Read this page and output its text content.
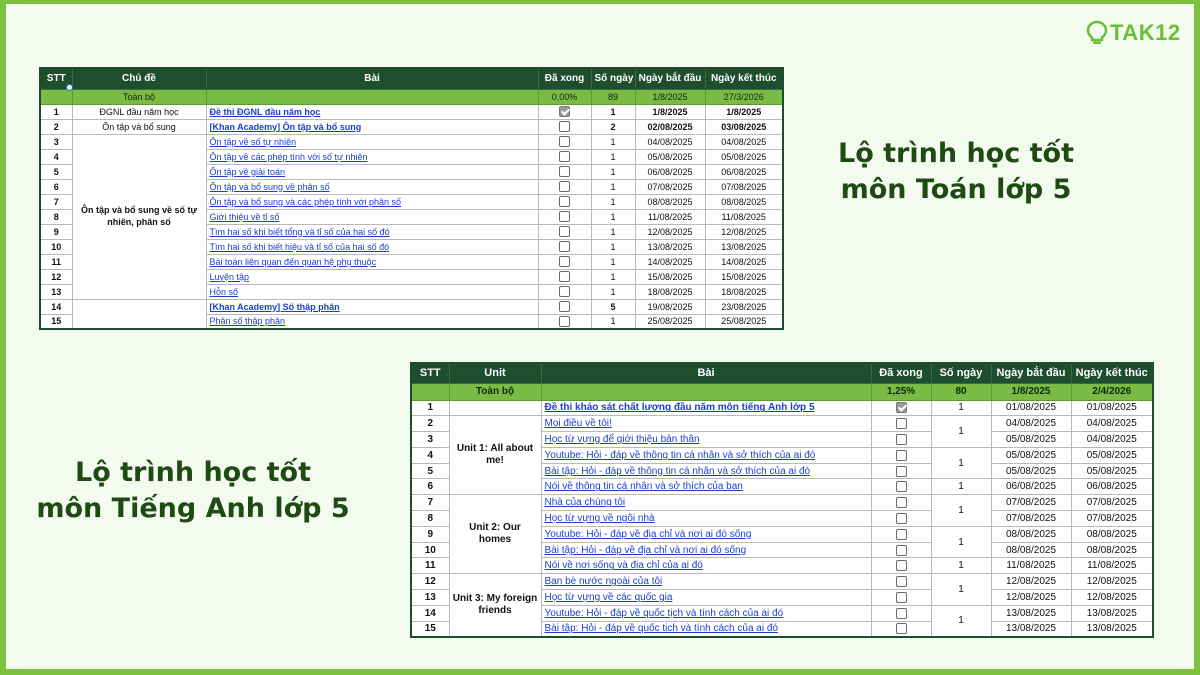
TAK12
Lộ trình học tốt
môn Toán lớp 5
Lộ trình học tốt
môn Tiếng Anh lớp 5
STT	Chủ đề	Bài	Đã xong	Số ngày	Ngày bắt đầu	Ngày kết thúc
	Toàn bộ		0,00%	89	1/8/2025	27/3/2026
1	ĐGNL đầu năm học	Đề thi ĐGNL đầu năm học		1	1/8/2025	1/8/2025
2	Ôn tập và bổ sung	[Khan Academy] Ôn tập và bổ sung		2	02/08/2025	03/08/2025
3	Ôn tập và bổ sung về số tự nhiên, phân số	Ôn tập về số tự nhiên		1	04/08/2025	04/08/2025
4		Ôn tập về các phép tính với số tự nhiên		1	05/08/2025	05/08/2025
5		Ôn tập về giải toán		1	06/08/2025	06/08/2025
6		Ôn tập và bổ sung về phân số		1	07/08/2025	07/08/2025
7		Ôn tập và bổ sung và các phép tính với phân số		1	08/08/2025	08/08/2025
8		Giới thiệu về tỉ số		1	11/08/2025	11/08/2025
9		Tìm hai số khi biết tổng và tỉ số của hai số đó		1	12/08/2025	12/08/2025
10		Tìm hai số khi biết hiệu và tỉ số của hai số đó		1	13/08/2025	13/08/2025
11		Bài toán liên quan đến quan hệ phụ thuộc		1	14/08/2025	14/08/2025
12		Luyện tập		1	15/08/2025	15/08/2025
13		Hỗn số		1	18/08/2025	18/08/2025
14		[Khan Academy] Số thập phân		5	19/08/2025	23/08/2025
15		Phân số thập phân		1	25/08/2025	25/08/2025
STT	Unit	Bài	Đã xong	Số ngày	Ngày bắt đầu	Ngày kết thúc
	Toàn bộ		1,25%	80	1/8/2025	2/4/2026
1		Đề thi khảo sát chất lượng đầu năm môn tiếng Anh lớp 5		1	01/08/2025	01/08/2025
2	Unit 1: All about me!	Mọi điều về tôi!		1	04/08/2025	04/08/2025
3		Học từ vựng để giới thiệu bản thân			05/08/2025	04/08/2025
4		Youtube: Hỏi - đáp về thông tin cá nhân và sở thích của ai đó		1	05/08/2025	05/08/2025
5		Bài tập: Hỏi - đáp về thông tin cá nhân và sở thích của ai đó			05/08/2025	05/08/2025
6		Nói về thông tin cá nhân và sở thích của bạn		1	06/08/2025	06/08/2025
7	Unit 2: Our homes	Nhà của chúng tôi		1	07/08/2025	07/08/2025
8		Học từ vựng về ngôi nhà			07/08/2025	07/08/2025
9		Youtube: Hỏi - đáp về địa chỉ và nơi ai đó sống		1	08/08/2025	08/08/2025
10		Bài tập: Hỏi - đáp về địa chỉ và nơi ai đó sống			08/08/2025	08/08/2025
11		Nói về nơi sống và địa chỉ của ai đó		1	11/08/2025	11/08/2025
12	Unit 3: My foreign friends	Bạn bè nước ngoài của tôi		1	12/08/2025	12/08/2025
13		Học từ vựng về các quốc gia			12/08/2025	12/08/2025
14		Youtube: Hỏi - đáp về quốc tịch và tính cách của ai đó		1	13/08/2025	13/08/2025
15		Bài tập: Hỏi - đáp về quốc tịch và tính cách của ai đó			13/08/2025	13/08/2025
